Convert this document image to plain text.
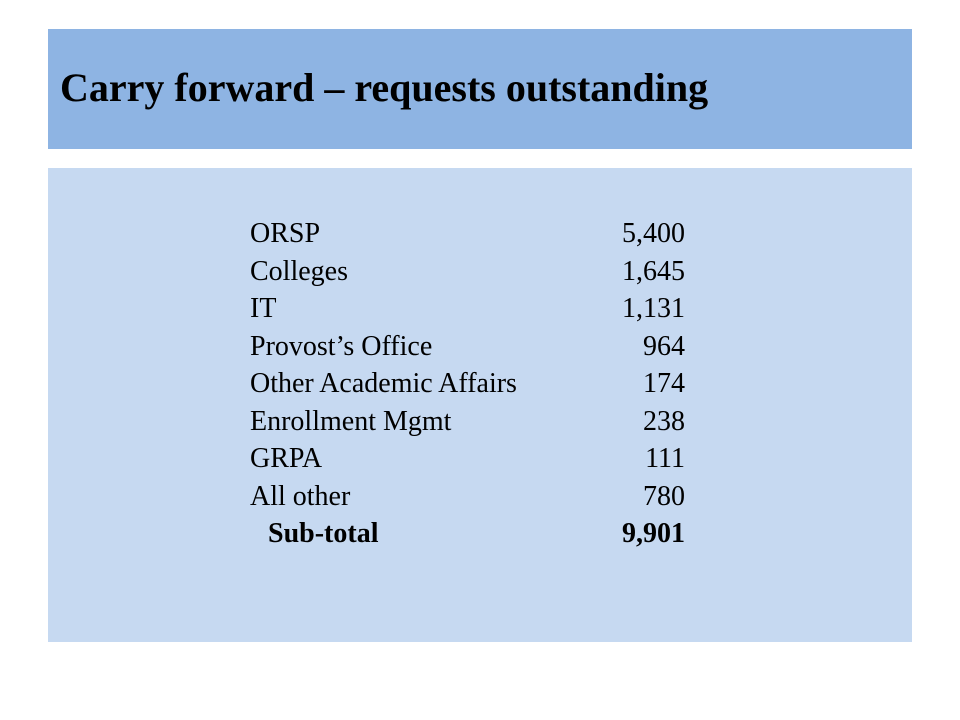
Carry forward – requests outstanding
ORSP	5,400
Colleges	1,645
IT	1,131
Provost’s Office	964
Other Academic Affairs	174
Enrollment Mgmt	238
GRPA	111
All other	780
Sub-total	9,901
